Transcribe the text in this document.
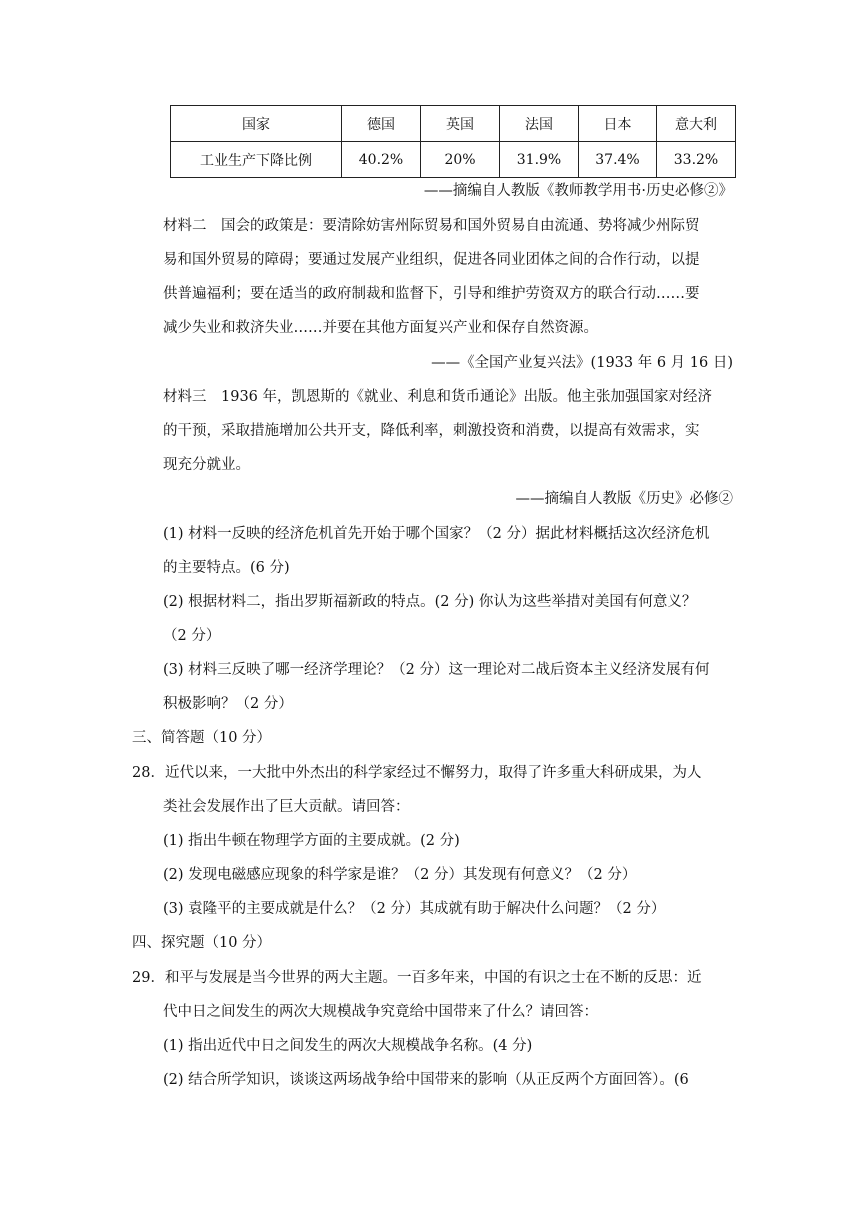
国家	德国	英国	法国	日本	意大利
工业生产下降比例	40.2%	20%	31.9%	37.4%	33.2%
——摘编自人教版《教师教学用书·历史必修②》
材料二　国会的政策是：要清除妨害州际贸易和国外贸易自由流通、势将减少州际贸
易和国外贸易的障碍；要通过发展产业组织，促进各同业团体之间的合作行动，以提
供普遍福利；要在适当的政府制裁和监督下，引导和维护劳资双方的联合行动……要
减少失业和救济失业……并要在其他方面复兴产业和保存自然资源。
——《全国产业复兴法》(1933 年 6 月 16 日)
材料三　1936 年，凯恩斯的《就业、利息和货币通论》出版。他主张加强国家对经济
的干预，采取措施增加公共开支，降低利率，刺激投资和消费，以提高有效需求，实
现充分就业。
——摘编自人教版《历史》必修②
(1) 材料一反映的经济危机首先开始于哪个国家？（2 分）据此材料概括这次经济危机
的主要特点。(6 分)
(2) 根据材料二，指出罗斯福新政的特点。(2 分) 你认为这些举措对美国有何意义？
（2 分）
(3) 材料三反映了哪一经济学理论？（2 分）这一理论对二战后资本主义经济发展有何
积极影响？（2 分）
三、简答题（10 分）
28．近代以来，一大批中外杰出的科学家经过不懈努力，取得了许多重大科研成果，为人
类社会发展作出了巨大贡献。请回答：
(1) 指出牛顿在物理学方面的主要成就。(2 分)
(2) 发现电磁感应现象的科学家是谁？（2 分）其发现有何意义？（2 分）
(3) 袁隆平的主要成就是什么？（2 分）其成就有助于解决什么问题？（2 分）
四、探究题（10 分）
29．和平与发展是当今世界的两大主题。一百多年来，中国的有识之士在不断的反思：近
代中日之间发生的两次大规模战争究竟给中国带来了什么？请回答：
(1) 指出近代中日之间发生的两次大规模战争名称。(4 分)
(2) 结合所学知识，谈谈这两场战争给中国带来的影响（从正反两个方面回答）。(6
